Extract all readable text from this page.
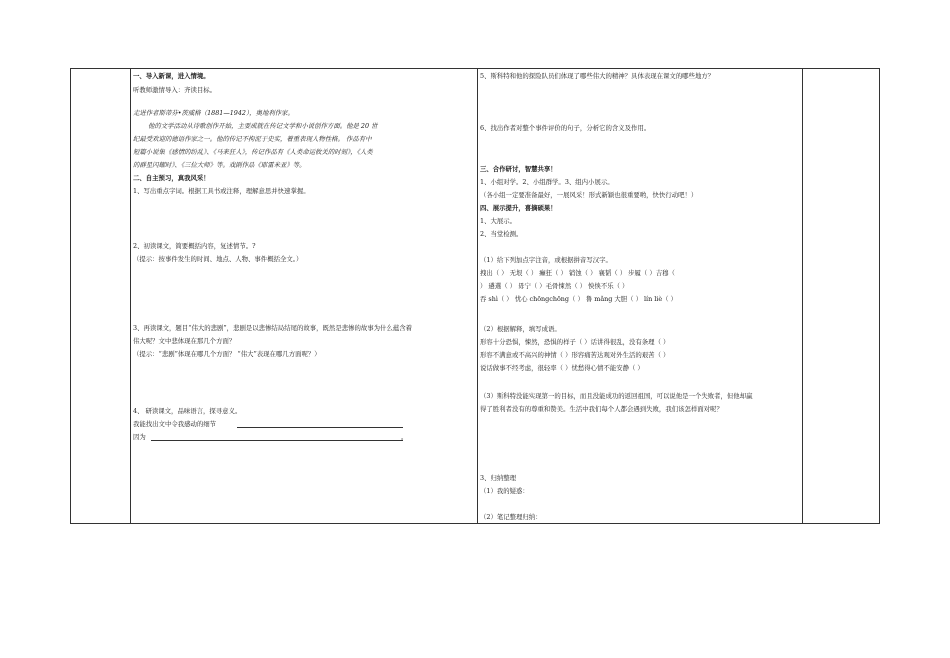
一、导入新课，进入情境。
听教师激情导入：齐读目标。
走进作者斯蒂芬•茨威格（1881—1942），奥地利作家。
他的文学活动从诗歌创作开始，主要成就在传记文学和小说创作方面。他是 20 世
纪最受欢迎的德语作家之一。他的传记不拘泥于史实，着重表现人物性格。 作品有中
短篇小说集《感情的纷乱》、《马来狂人》，传记作品有《人类命运攸关的时刻》，《人类
的群星闪耀时》、《三位大师》等。戏剧作品《耶雷米亚》等。
二、自主预习，真我风采！
1、写出重点字词。根据工具书或注释，理解意思并快速掌握。
2、初读课文，简要概括内容，复述情节。?
（提示：按事件发生的时间、地点、人物、事件概括全文。）
3、再读课文，题目“伟大的悲剧”，悲剧是以悲惨结局结尾的故事，既然是悲惨的故事为什么蕴含着
伟大呢？文中悲体现在那几个方面？
（提示：“悲剧”体现在哪几个方面？ “伟大”表现在哪几方面呢？）
4、 研读课文，品味语言，探寻意义。
我能找出文中令我感动的细节
因为	。
5、斯科特和他的探险队员们体现了哪些伟大的精神？具体表现在课文的哪些地方？
6、找出作者对整个事件评价的句子，分析它的含义及作用。
三、合作研讨，智慧共享！
1、小组对学。2、小组群学。3、组内小展示。
（各小组一定要准备最好，一展风采！形式新颖也很重要哟，快快行动吧！）
四、展示提升，喜摘硕果！
1、大展示。
2、当堂检测。
（1）给下列加点字注音，或根据拼音写汉字。
拽出（ ） 无垠（ ） 癫狂（ ） 销蚀（ ） 襄韬（ ） 步履（ ）吉穆（
） 遴選（ ） 毋宁（ ）毛骨悚然（ ） 怏怏不乐（ ）
吞 shì（ ） 忧心 chōngchōng（ ） 鲁 mǎng 大胆（ ） lín liè（ ）
（2）根据解释，填写成语。
形容十分恐惧，悚然，恐惧的样子（ ）话讲得很乱，没有条理（ ）
形容不满意或不高兴的神情（ ）形容痛苦达观对外生活的艰苦（ ）
说话做事不经考虑，很轻率（ ）忧愁得心情不能安静（ ）
（3）斯科特没能实现第一的目标，而且没能成功的返回祖国，可以说他是一个失败者，但他却赢
得了胜利者没有的尊重和赞美。生活中我们每个人都会遇到失败，我们该怎样面对呢？
3、归纳整理
（1）我的疑惑：
（2）笔记整理归纳：
